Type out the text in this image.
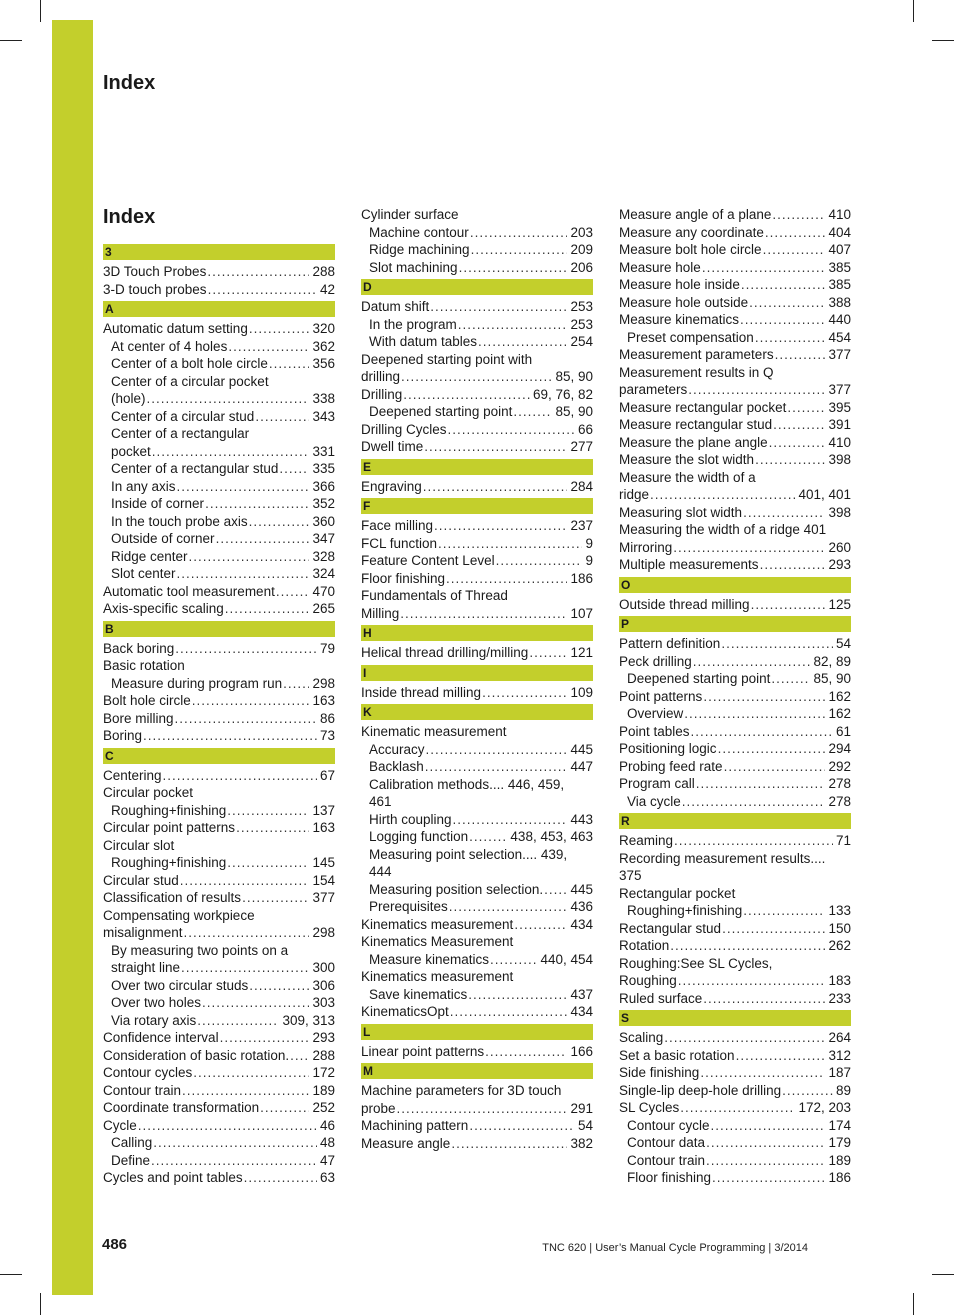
Index
Index
3
3D Touch Probes .....	288
3-D touch probes .....	42
A
Automatic datum setting .....	320
At center of 4 holes .....	362
Center of a bolt hole circle .....	356
Center of a circular pocket
(hole) .....	338
Center of a circular stud .....	343
Center of a rectangular
pocket .....	331
Center of a rectangular stud .....	335
In any axis .....	366
Inside of corner .....	352
In the touch probe axis .....	360
Outside of corner .....	347
Ridge center .....	328
Slot center .....	324
Automatic tool measurement .....	470
Axis-specific scaling .....	265
B
Back boring .....	79
Basic rotation
Measure during program run ..... 298
Bolt hole circle .....	163
Bore milling .....	86
Boring .....	73
C
Centering .....	67
Circular pocket
Roughing+finishing .....	137
Circular point patterns .....	163
Circular slot
Roughing+finishing .....	145
Circular stud .....	154
Classification of results .....	377
Compensating workpiece
misalignment .....	298
By measuring two points on a
straight line .....	300
Over two circular studs .....	306
Over two holes .....	303
Via rotary axis .....	309, 313
Confidence interval .....	293
Consideration of basic rotation. ..... 288
Contour cycles .....	172
Contour train .....	189
Coordinate transformation .....	252
Cycle .....	46
Calling .....	48
Define .....	47
Cycles and point tables .....	63
Cylinder surface
Machine contour .....	203
Ridge machining .....	209
Slot machining .....	206
D
Datum shift .....	253
In the program .....	253
With datum tables .....	254
Deepened starting point with
drilling .....	85, 90
Drilling .....	69, 76, 82
Deepened starting point .....	85, 90
Drilling Cycles .....	66
Dwell time .....	277
E
Engraving .....	284
F
Face milling .....	237
FCL function .....	9
Feature Content Level .....	9
Floor finishing .....	186
Fundamentals of Thread
Milling .....	107
H
Helical thread drilling/milling .....	121
I
Inside thread milling .....	109
K
Kinematic measurement
Accuracy .....	445
Backlash .....	447
Calibration methods.... 446, 459,
461
Hirth coupling .....	443
Logging function .....	438, 453, 463
Measuring point selection.... 439,
444
Measuring position selection. ..... 445
Prerequisites .....	436
Kinematics measurement .....	434
Kinematics Measurement
Measure kinematics .....	440, 454
Kinematics measurement
Save kinematics .....	437
KinematicsOpt .....	434
L
Linear point patterns .....	166
M
Machine parameters for 3D touch
probe .....	291
Machining pattern .....	54
Measure angle .....	382
Measure angle of a plane .....	410
Measure any coordinate .....	404
Measure bolt hole circle .....	407
Measure hole .....	385
Measure hole inside .....	385
Measure hole outside .....	388
Measure kinematics .....	440
Preset compensation .....	454
Measurement parameters .....	377
Measurement results in Q
parameters .....	377
Measure rectangular pocket .....	395
Measure rectangular stud .....	391
Measure the plane angle .....	410
Measure the slot width .....	398
Measure the width of a
ridge .....	401, 401
Measuring slot width .....	398
Measuring the width of a ridge 401
Mirroring .....	260
Multiple measurements .....	293
O
Outside thread milling .....	125
P
Pattern definition .....	54
Peck drilling .....	82, 89
Deepened starting point .....	85, 90
Point patterns .....	162
Overview .....	162
Point tables .....	61
Positioning logic .....	294
Probing feed rate .....	292
Program call .....	278
Via cycle .....	278
R
Reaming .....	71
Recording measurement results....
375
Rectangular pocket
Roughing+finishing .....	133
Rectangular stud .....	150
Rotation .....	262
Roughing:See SL Cycles,
Roughing .....	183
Ruled surface .....	233
S
Scaling .....	264
Set a basic rotation .....	312
Side finishing .....	187
Single-lip deep-hole drilling .....	89
SL Cycles .....	172, 203
Contour cycle .....	174
Contour data .....	179
Contour train .....	189
Floor finishing .....	186
486	TNC 620 | User’s Manual Cycle Programming | 3/2014
